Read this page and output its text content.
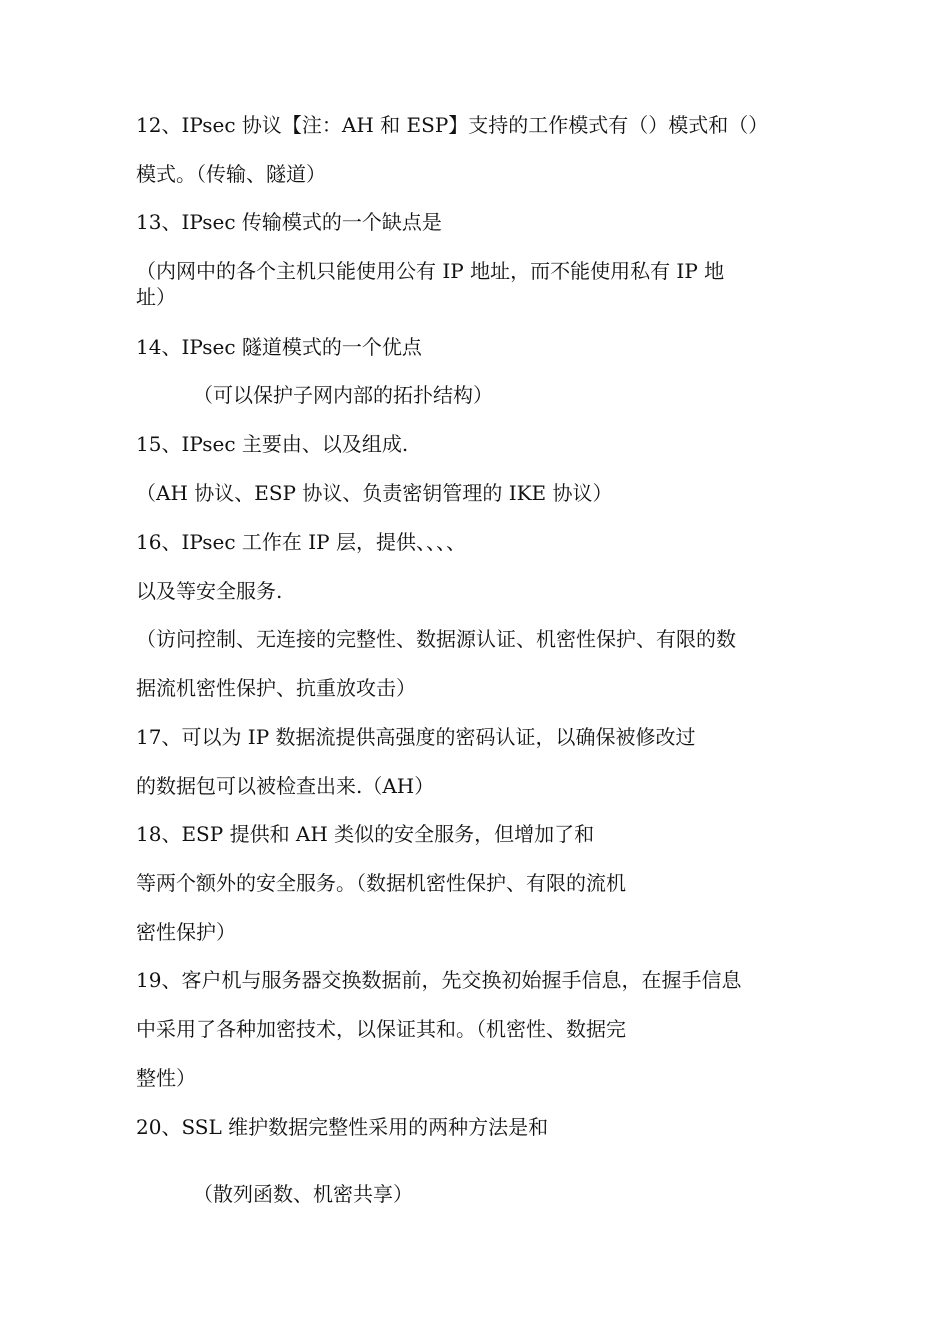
12、IPsec 协议【注：AH 和 ESP】支持的工作模式有（）模式和（）
模式。（传输、隧道）
13、IPsec 传输模式的一个缺点是
（内网中的各个主机只能使用公有 IP 地址，而不能使用私有 IP 地
址）
14、IPsec 隧道模式的一个优点
（可以保护子网内部的拓扑结构）
15、IPsec 主要由、以及组成.
（AH 协议、ESP 协议、负责密钥管理的 IKE 协议）
16、IPsec 工作在 IP 层，提供、、、、
以及等安全服务.
（访问控制、无连接的完整性、数据源认证、机密性保护、有限的数
据流机密性保护、抗重放攻击）
17、可以为 IP 数据流提供高强度的密码认证，以确保被修改过
的数据包可以被检查出来.（AH）
18、ESP 提供和 AH 类似的安全服务，但增加了和
等两个额外的安全服务。（数据机密性保护、有限的流机
密性保护）
19、客户机与服务器交换数据前，先交换初始握手信息，在握手信息
中采用了各种加密技术，以保证其和。（机密性、数据完
整性）
20、SSL 维护数据完整性采用的两种方法是和
（散列函数、机密共享）
